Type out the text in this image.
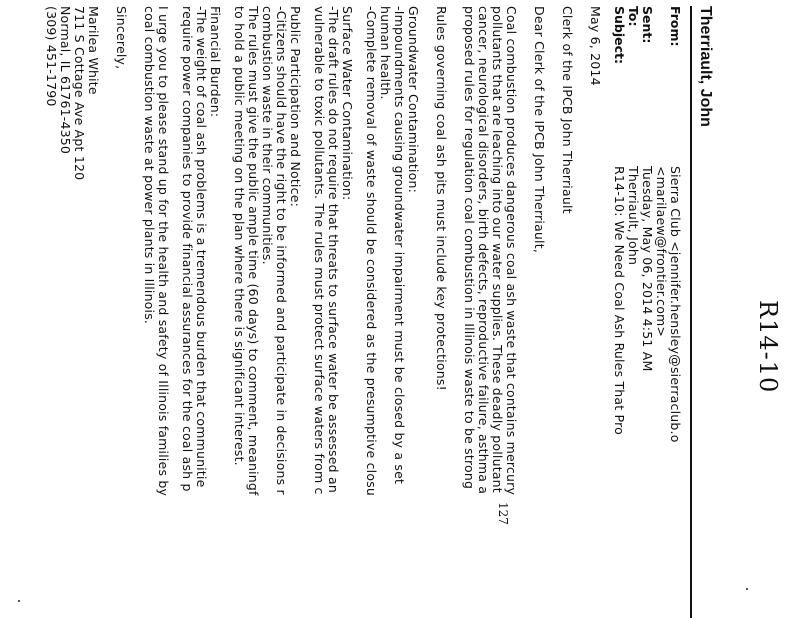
R14-10
Therriault, John
From:
Sierra Club <jennifer.hensley@sierraclub.o
<marilaew@frontier.com>
Sent:
Tuesday, May 06, 2014 4:51 AM
To:
Therriault, John
Subject:
R14-10: We Need Coal Ash Rules That Pro
May 6, 2014
Clerk of the IPCB John Therriault
Dear Clerk of the IPCB John Therriault,
Coal combustion produces dangerous coal ash waste that contains mercury
pollutants that are leaching into our water supplies. These deadly pollutant
cancer, neurological disorders, birth defects, reproductive failure, asthma a
proposed rules for regulation coal combustion in Illinois waste to be strong
Rules governing coal ash pits must include key protections!
Groundwater Contamination:
-Impoundments causing groundwater impairment must be closed by a set
human health.
-Complete removal of waste should be considered as the presumptive closu
Surface Water Contamination:
-The draft rules do not require that threats to surface water be assessed an
vulnerable to toxic pollutants. The rules must protect surface waters from c
Public Participation and Notice:
-Citizens should have the right to be informed and participate in decisions r
combustion waste in their communities.
The rules must give the public ample time (60 days) to comment, meaningf
to hold a public meeting on the plan where there is significant interest.
Financial Burden:
-The weight of coal ash problems is a tremendous burden that communitie
require power companies to provide financial assurances for the coal ash p
I urge you to please stand up for the health and safety of Illinois families by
coal combustion waste at power plants in Illinois.
Sincerely,
Marilea White
711 S Cottage Ave Apt 120
Normal, IL 61761-4350
(309) 451-1790
127
